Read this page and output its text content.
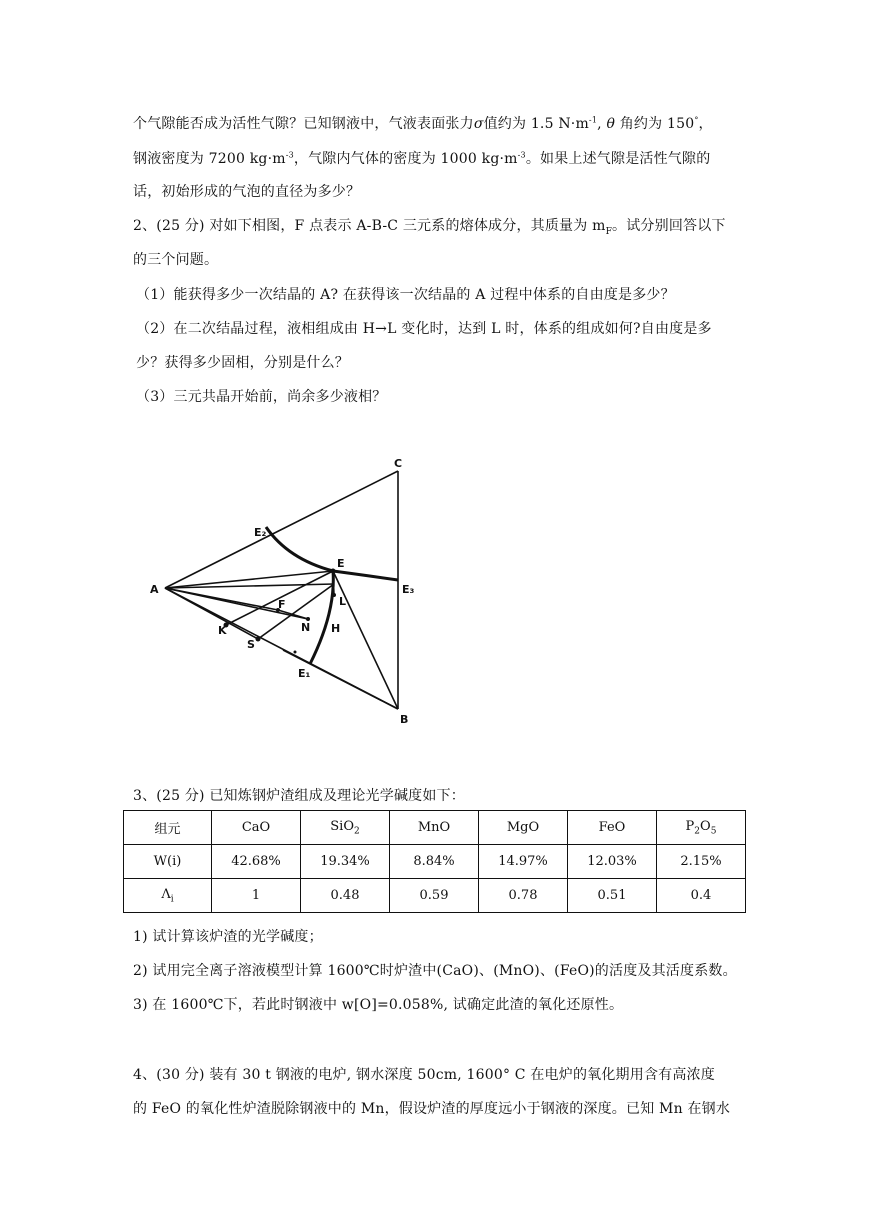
个气隙能否成为活性气隙？已知钢液中，气液表面张力σ值约为 1.5 $N\cdot m^{-1}$, θ 角约为 150°，
钢液密度为 7200 $kg\cdot m^{-3}$，气隙内气体的密度为 1000 $kg\cdot m^{-3}$。如果上述气隙是活性气隙的
话，初始形成的气泡的直径为多少？
2、(25 分) 对如下相图，F 点表示 A-B-C 三元系的熔体成分，其质量为 $m_F$。试分别回答以下
的三个问题。
（1）能获得多少一次结晶的 A? 在获得该一次结晶的 A 过程中体系的自由度是多少？
（2）在二次结晶过程，液相组成由 H→L 变化时，达到 L 时，体系的组成如何?自由度是多
少？获得多少固相，分别是什么？
（3）三元共晶开始前，尚余多少液相？
C
A
B
E
E₂
E₃
E₁
F	L
K
S
N H
3、(25 分) 已知炼钢炉渣组成及理论光学碱度如下：
组元	CaO	SiO$_2$	MnO	MgO	FeO	$P_2O_5$
W(i)	42.68%	19.34%	8.84%	14.97%	12.03%	2.15%
$\Lambda_i$	1	0.48	0.59	0.78	0.51	0.4
1) 试计算该炉渣的光学碱度；
2) 试用完全离子溶液模型计算 1600℃时炉渣中(CaO)、(MnO)、(FeO)的活度及其活度系数。
3) 在 1600℃下，若此时钢液中 w[O]=0.058%, 试确定此渣的氧化还原性。
4、(30 分) 装有 30 t 钢液的电炉, 钢水深度 50cm, 1600° C 在电炉的氧化期用含有高浓度
的 FeO 的氧化性炉渣脱除钢液中的 Mn，假设炉渣的厚度远小于钢液的深度。已知 Mn 在钢水
